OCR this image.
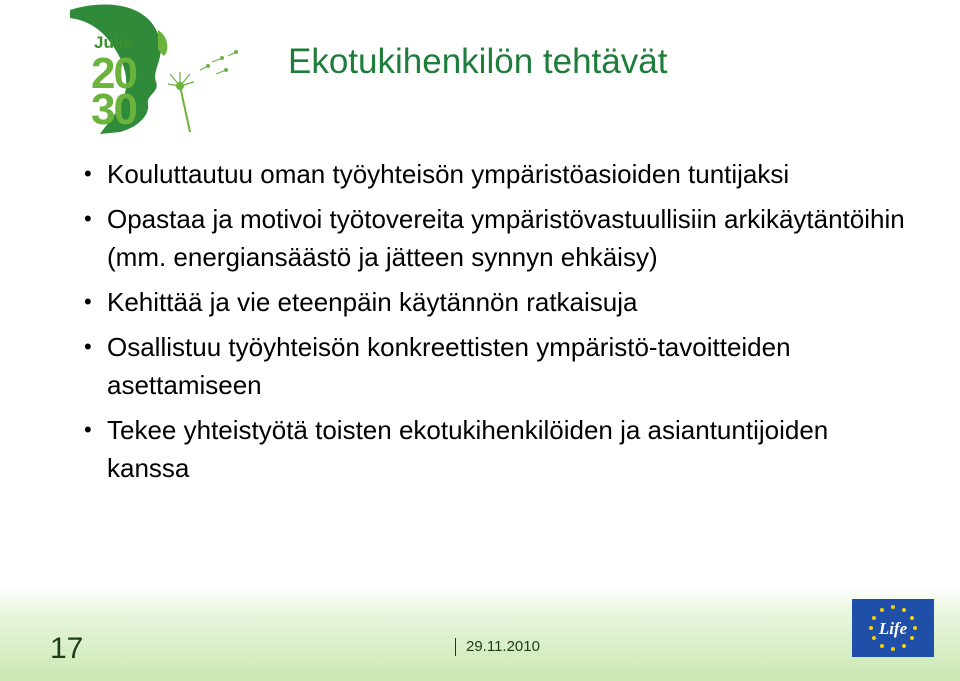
Julia
20
30
Ekotukihenkilön tehtävät
• Kouluttautuu oman työyhteisön ympäristöasioiden tuntijaksi
• Opastaa ja motivoi työtovereita ympäristövastuullisiin arkikäytäntöihin (mm. energiansäästö ja jätteen synnyn ehkäisy)
• Kehittää ja vie eteenpäin käytännön ratkaisuja
• Osallistuu työyhteisön konkreettisten ympäristö-tavoitteiden asettamiseen
• Tekee yhteistyötä toisten ekotukihenkilöiden ja asiantuntijoiden kanssa
17	29.11.2010
Life
